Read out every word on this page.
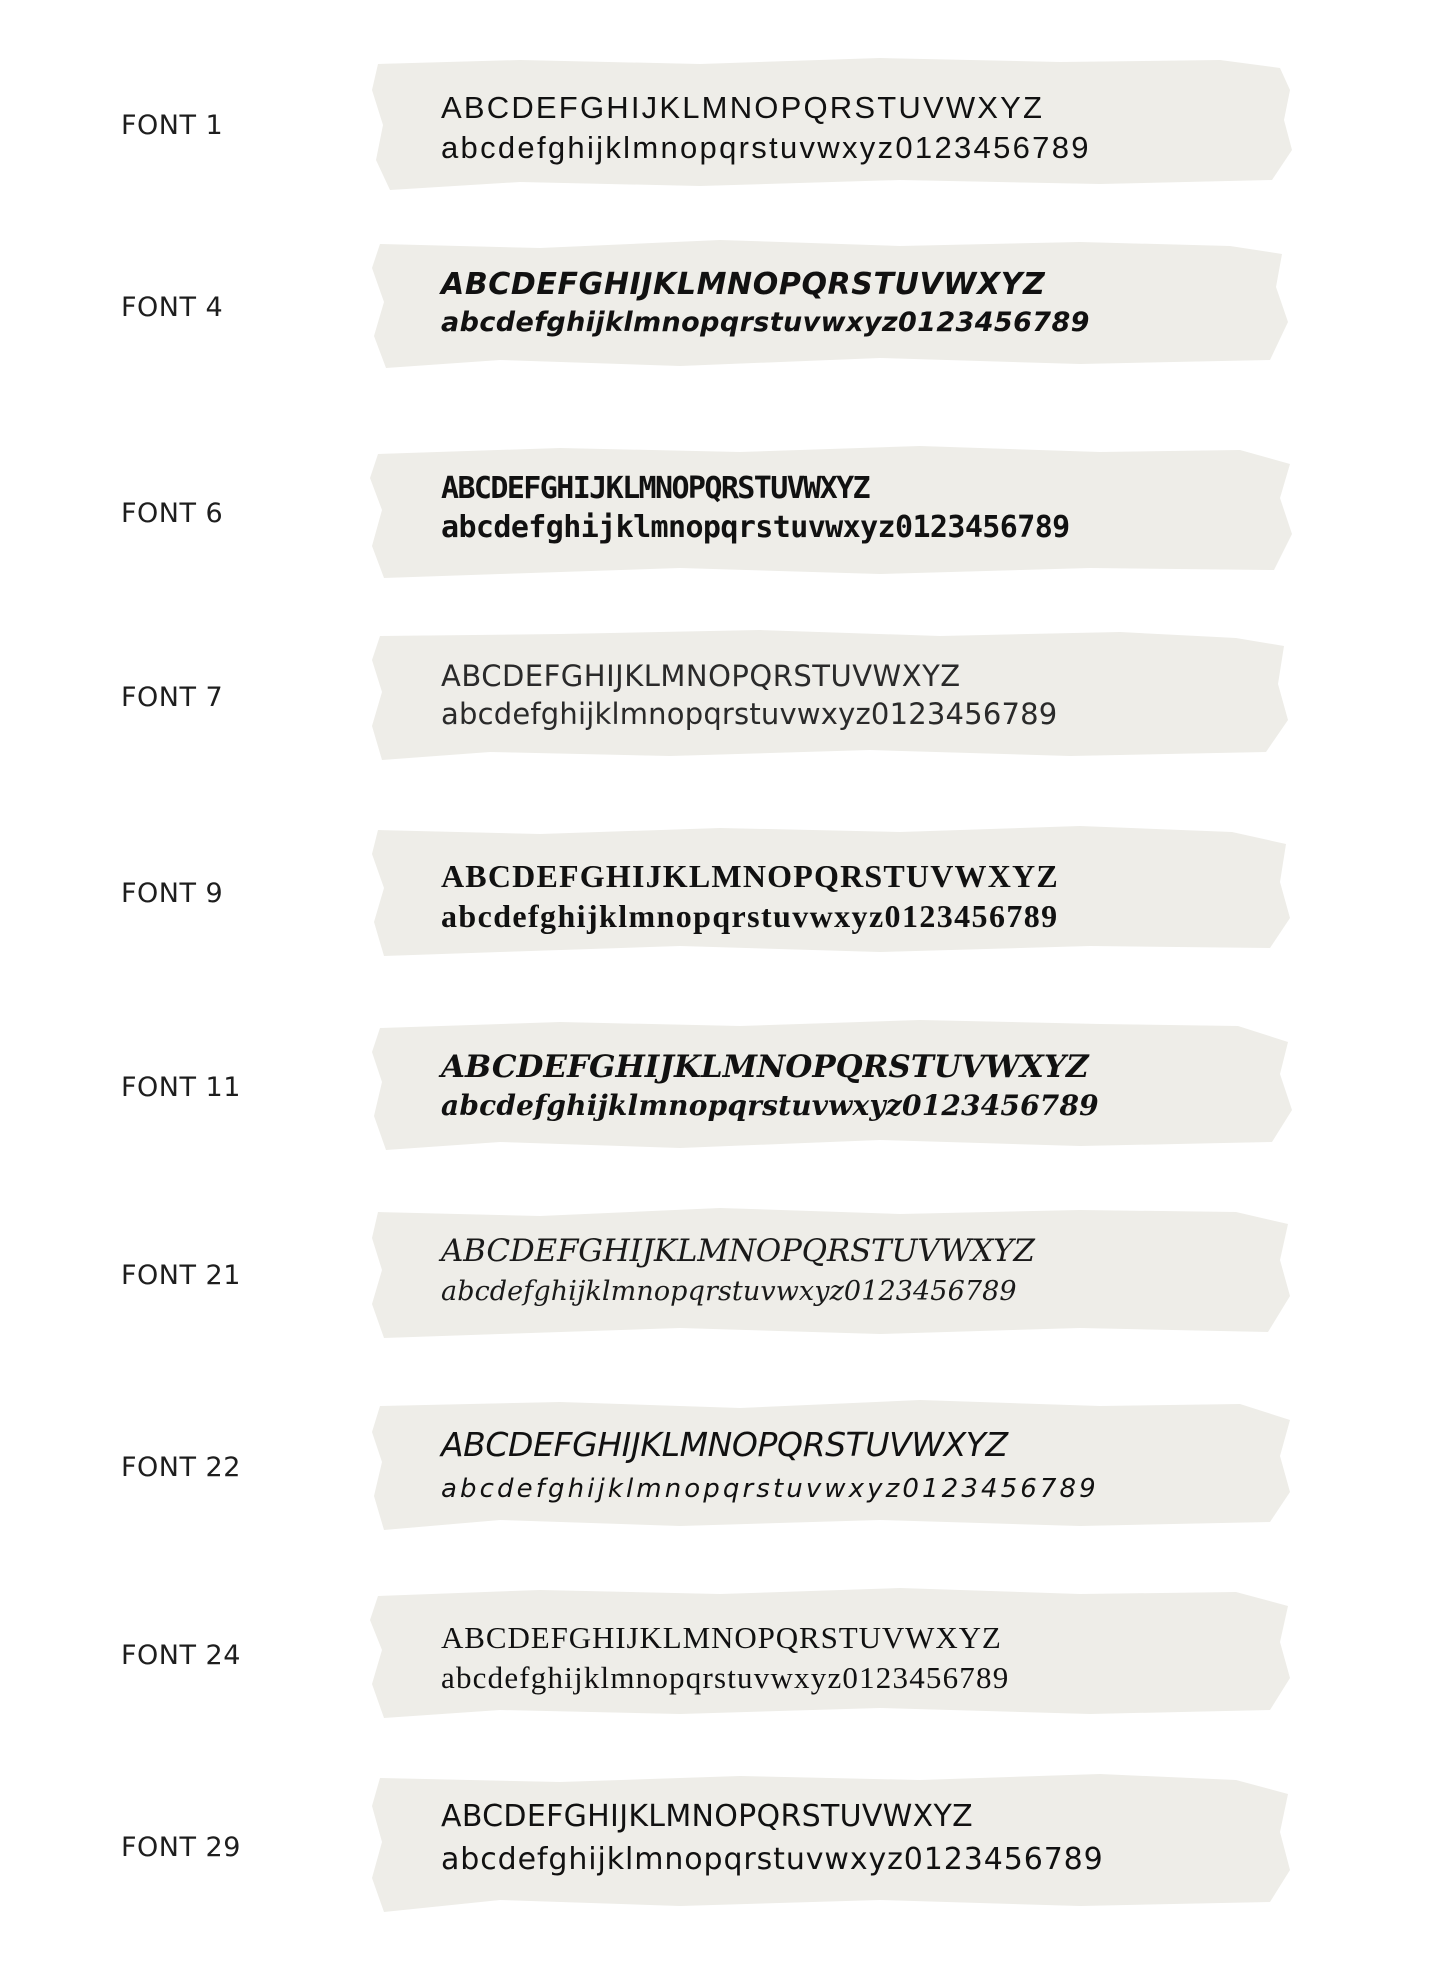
FONT 1
ABCDEFGHIJKLMNOPQRSTUVWXYZ
abcdefghijklmnopqrstuvwxyz0123456789
FONT 4
ABCDEFGHIJKLMNOPQRSTUVWXYZ
abcdefghijklmnopqrstuvwxyz0123456789
FONT 6
ABCDEFGHIJKLMNOPQRSTUVWXYZ
abcdefghijklmnopqrstuvwxyz0123456789
FONT 7
ABCDEFGHIJKLMNOPQRSTUVWXYZ
abcdefghijklmnopqrstuvwxyz0123456789
FONT 9	ABCDEFGHIJKLMNOPQRSTUVWXYZ
abcdefghijklmnopqrstuvwxyz0123456789
FONT 11
ABCDEFGHIJKLMNOPQRSTUVWXYZ
abcdefghijklmnopqrstuvwxyz0123456789
FONT 21
ABCDEFGHIJKLMNOPQRSTUVWXYZ
abcdefghijklmnopqrstuvwxyz0123456789
FONT 22
ABCDEFGHIJKLMNOPQRSTUVWXYZ
abcdefghijklmnopqrstuvwxyz0123456789
FONT 24
ABCDEFGHIJKLMNOPQRSTUVWXYZ
abcdefghijklmnopqrstuvwxyz0123456789
FONT 29
ABCDEFGHIJKLMNOPQRSTUVWXYZ
abcdefghijklmnopqrstuvwxyz0123456789
